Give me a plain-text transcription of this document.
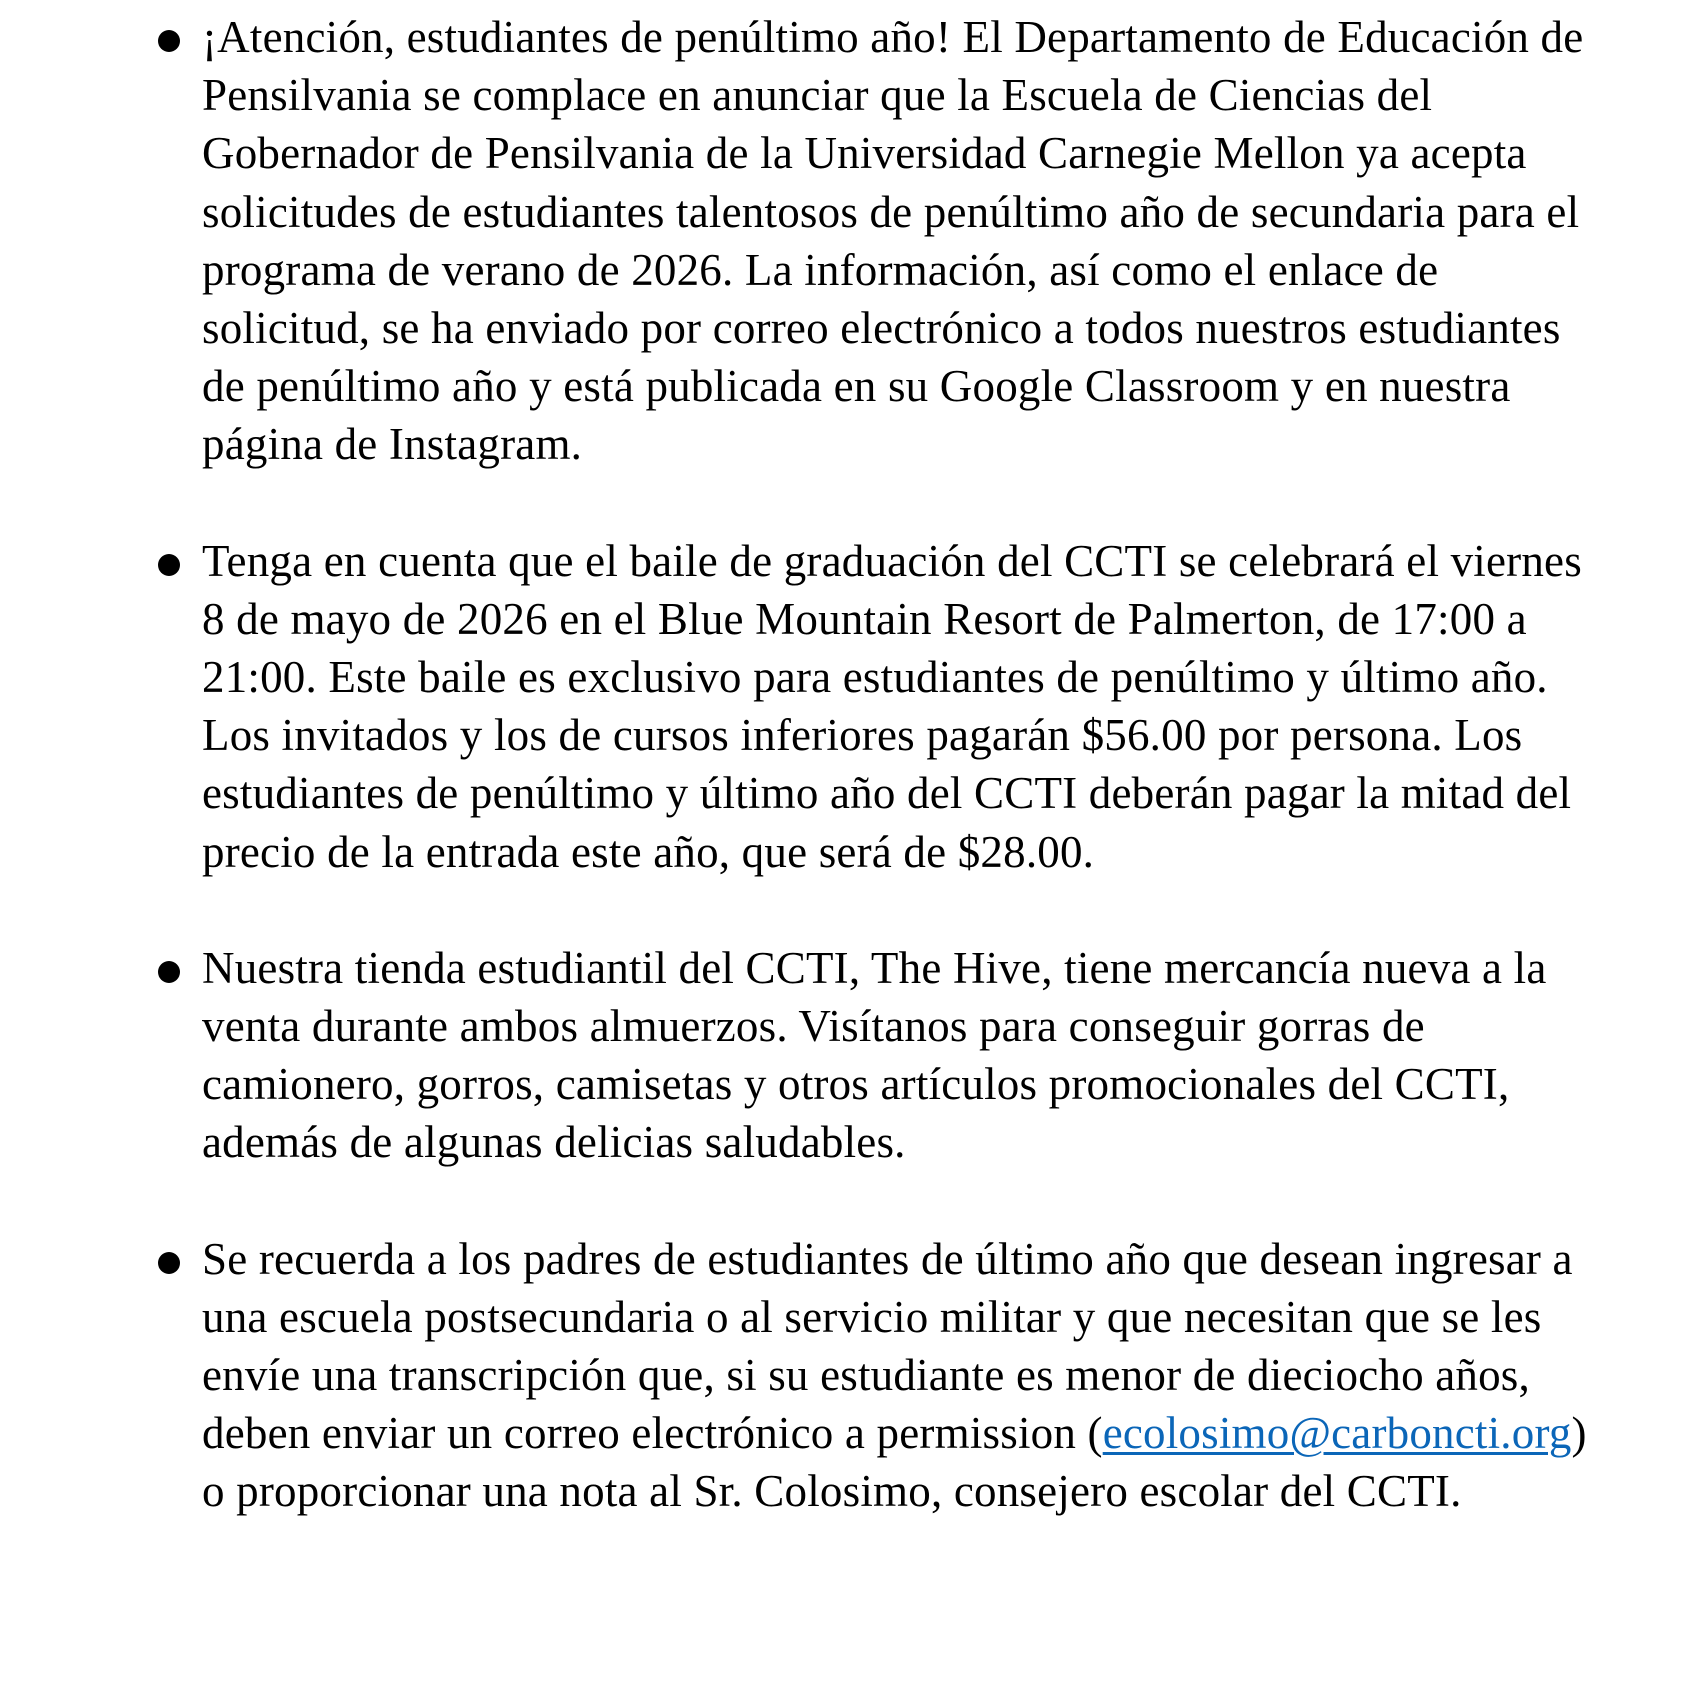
¡Atención, estudiantes de penúltimo año! El Departamento de Educación de Pensilvania se complace en anunciar que la Escuela de Ciencias del Gobernador de Pensilvania de la Universidad Carnegie Mellon ya acepta solicitudes de estudiantes talentosos de penúltimo año de secundaria para el programa de verano de 2026. La información, así como el enlace de solicitud, se ha enviado por correo electrónico a todos nuestros estudiantes de penúltimo año y está publicada en su Google Classroom y en nuestra página de Instagram.
Tenga en cuenta que el baile de graduación del CCTI se celebrará el viernes 8 de mayo de 2026 en el Blue Mountain Resort de Palmerton, de 17:00 a 21:00. Este baile es exclusivo para estudiantes de penúltimo y último año. Los invitados y los de cursos inferiores pagarán $56.00 por persona. Los estudiantes de penúltimo y último año del CCTI deberán pagar la mitad del precio de la entrada este año, que será de $28.00.
Nuestra tienda estudiantil del CCTI, The Hive, tiene mercancía nueva a la venta durante ambos almuerzos. Visítanos para conseguir gorras de camionero, gorros, camisetas y otros artículos promocionales del CCTI, además de algunas delicias saludables.
Se recuerda a los padres de estudiantes de último año que desean ingresar a una escuela postsecundaria o al servicio militar y que necesitan que se les envíe una transcripción que, si su estudiante es menor de dieciocho años, deben enviar un correo electrónico a permission (ecolosimo@carboncti.org) o proporcionar una nota al Sr. Colosimo, consejero escolar del CCTI.
